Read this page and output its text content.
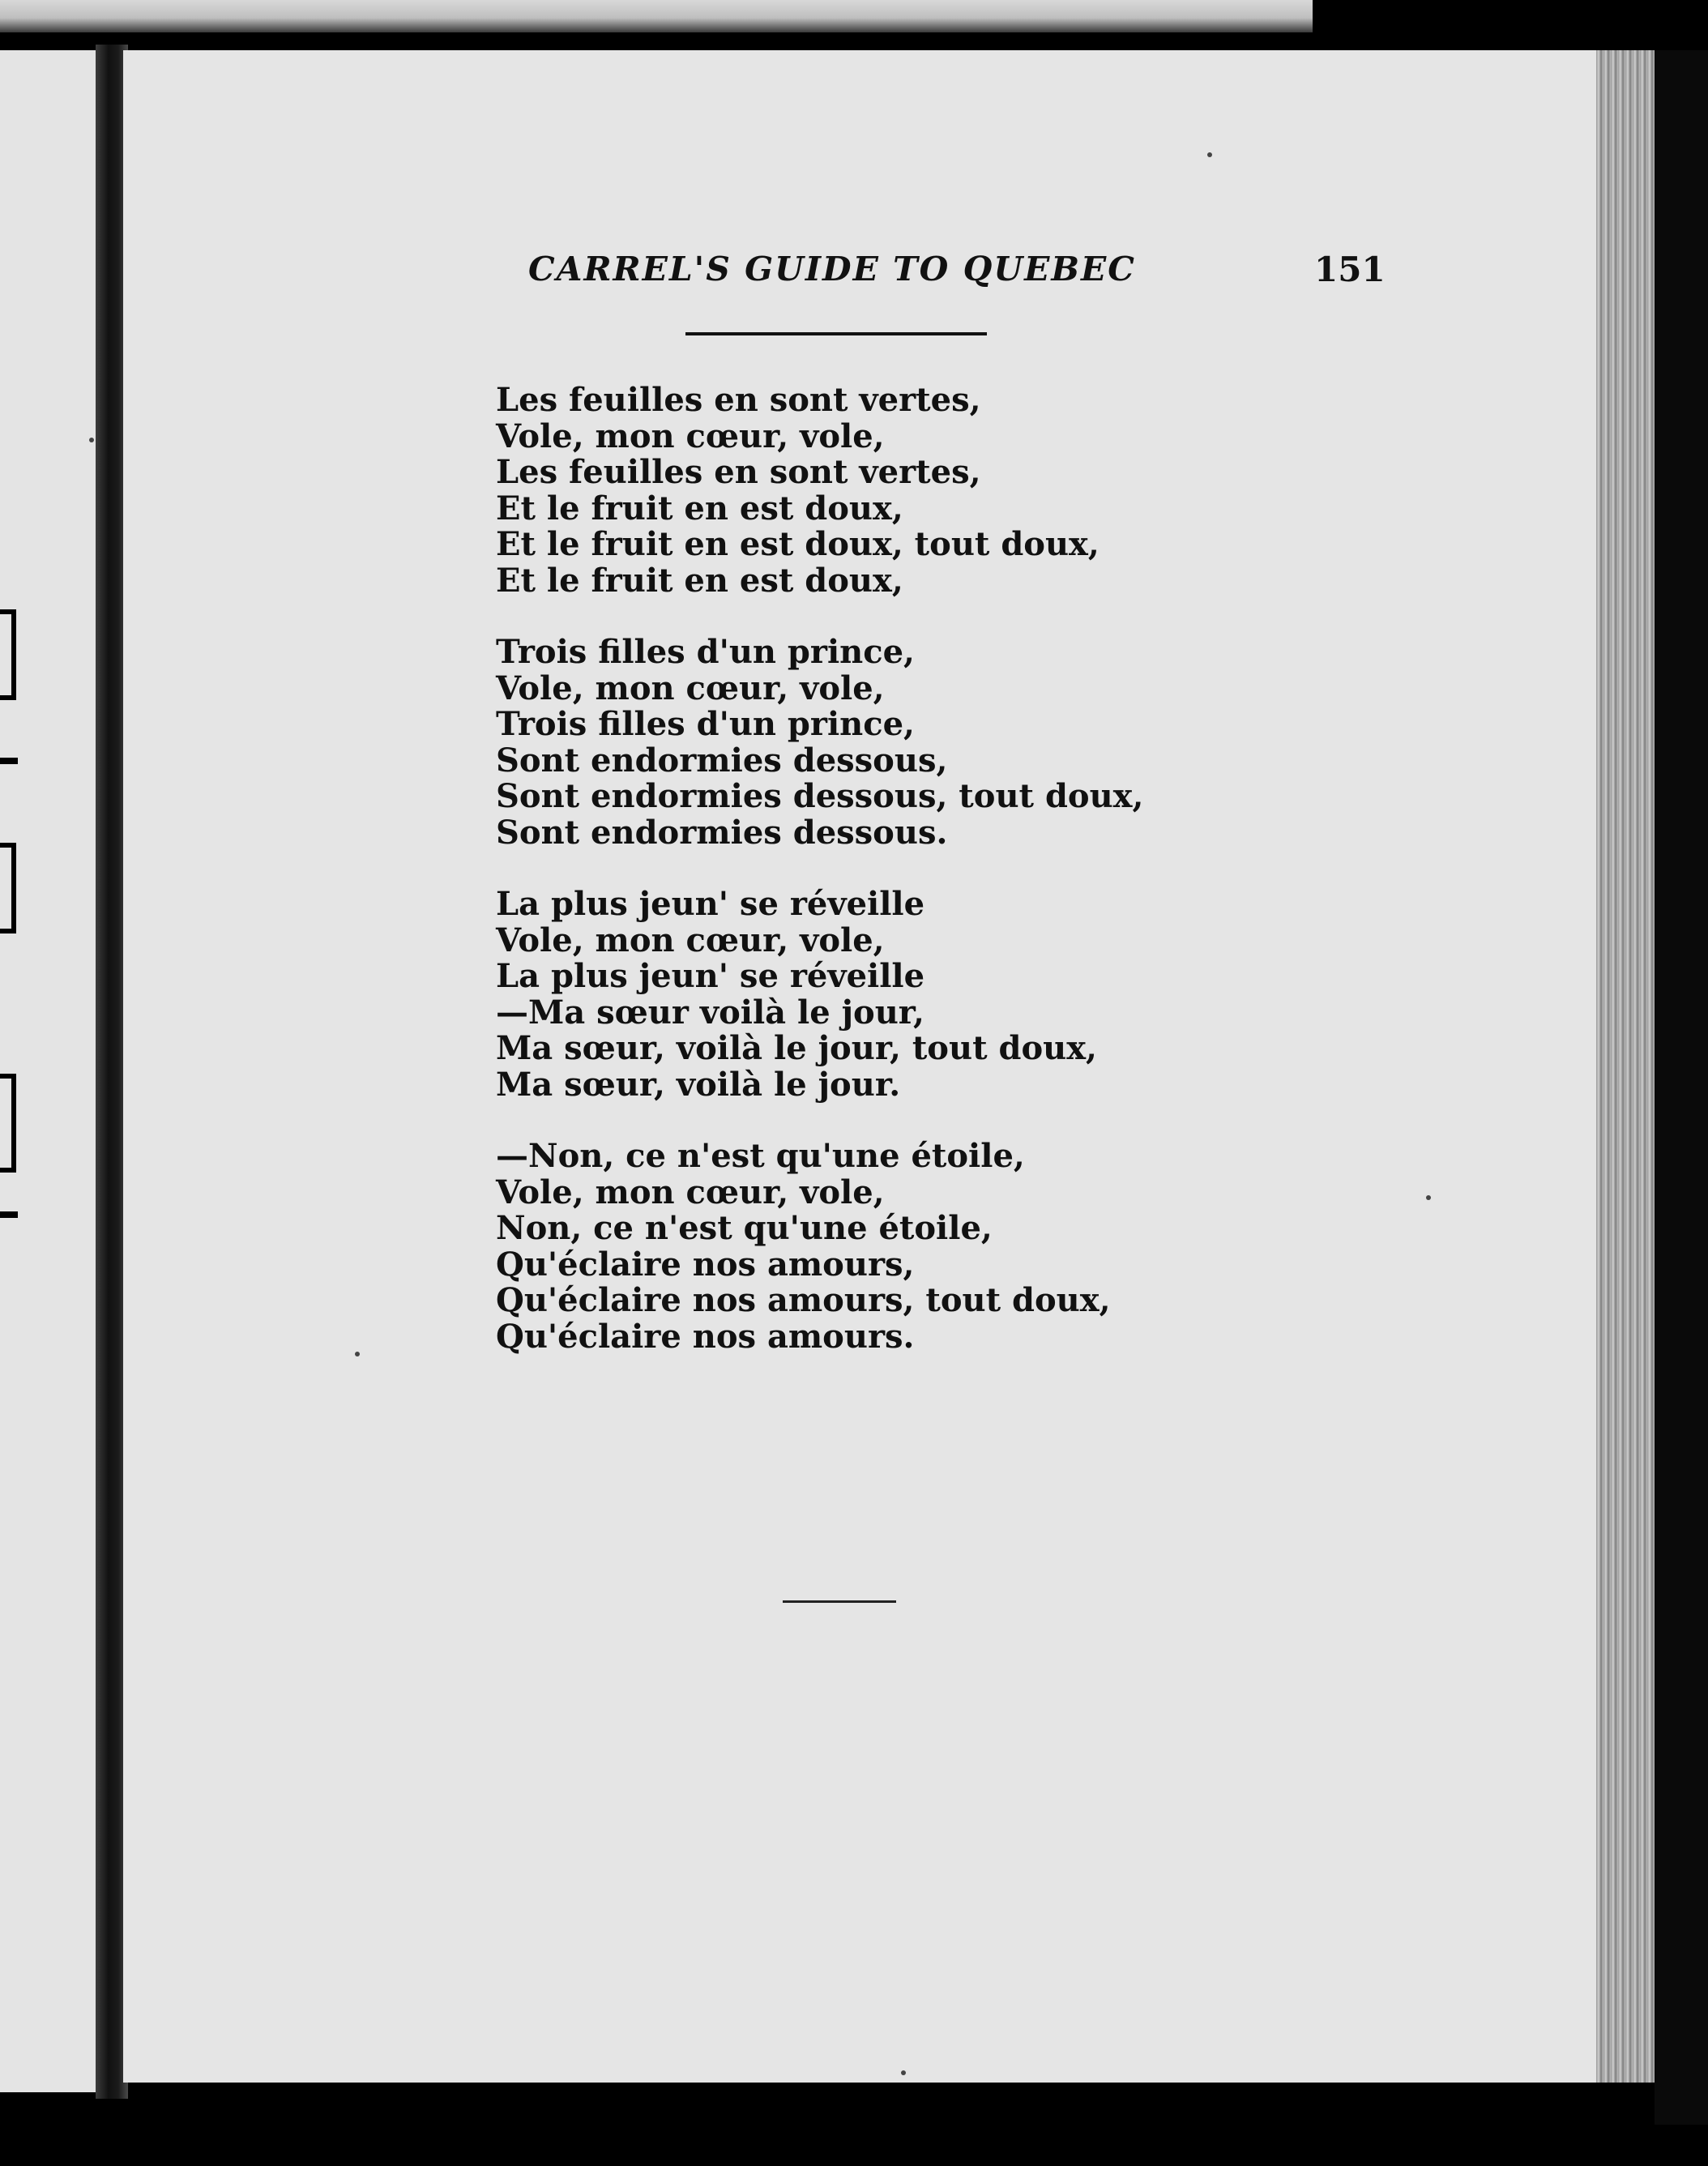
CARREL'S GUIDE TO QUEBEC	151
Les feuilles en sont vertes,
Vole, mon cœur, vole,
Les feuilles en sont vertes,
Et le fruit en est doux,
Et le fruit en est doux, tout doux,
Et le fruit en est doux,
Trois filles d'un prince,
Vole, mon cœur, vole,
Trois filles d'un prince,
Sont endormies dessous,
Sont endormies dessous, tout doux,
Sont endormies dessous.
La plus jeun' se réveille
Vole, mon cœur, vole,
La plus jeun' se réveille
—Ma sœur voilà le jour,
Ma sœur, voilà le jour, tout doux,
Ma sœur, voilà le jour.
—Non, ce n'est qu'une étoile,
Vole, mon cœur, vole,
Non, ce n'est qu'une étoile,
Qu'éclaire nos amours,
Qu'éclaire nos amours, tout doux,
Qu'éclaire nos amours.
